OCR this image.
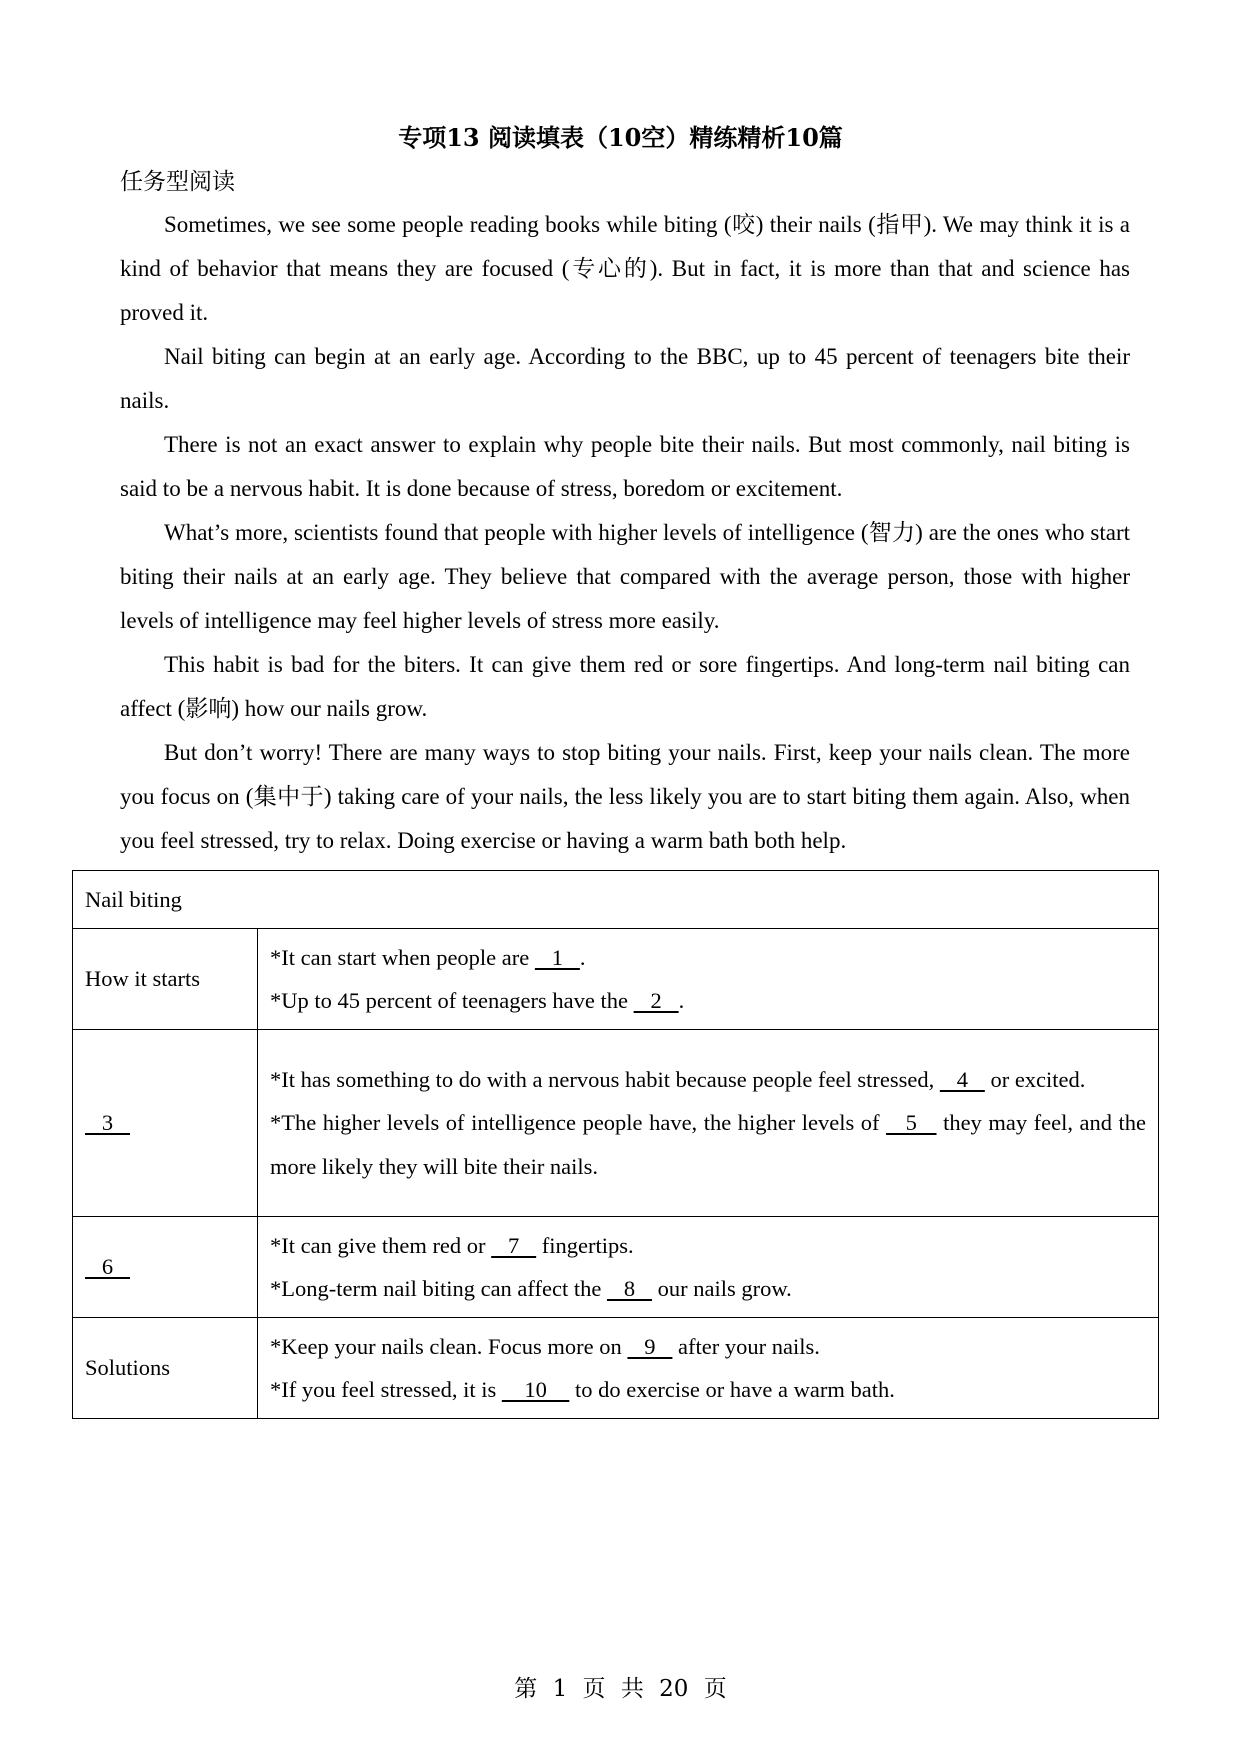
专项13 阅读填表（10空）精练精析10篇
任务型阅读

Sometimes, we see some people reading books while biting (咬) their nails (指甲). We may think it is a kind of behavior that means they are focused (专心的). But in fact, it is more than that and science has proved it.

Nail biting can begin at an early age. According to the BBC, up to 45 percent of teenagers bite their nails.

There is not an exact answer to explain why people bite their nails. But most commonly, nail biting is said to be a nervous habit. It is done because of stress, boredom or excitement.

What’s more, scientists found that people with higher levels of intelligence (智力) are the ones who start biting their nails at an early age. They believe that compared with the average person, those with higher levels of intelligence may feel higher levels of stress more easily.

This habit is bad for the biters. It can give them red or sore fingertips. And long-term nail biting can affect (影响) how our nails grow.

But don’t worry! There are many ways to stop biting your nails. First, keep your nails clean. The more you focus on (集中于) taking care of your nails, the less likely you are to start biting them again. Also, when you feel stressed, try to relax. Doing exercise or having a warm bath both help.

Nail biting	
How it starts	*It can start when people are    1   .
*Up to 45 percent of teenagers have the    2   .

3	*It has something to do with a nervous habit because people feel stressed,    4    or excited.
*The higher levels of intelligence people have, the higher levels of    5    they may feel, and the more likely they will bite their nails.

6	*It can give them red or    7    fingertips.
*Long-term nail biting can affect the    8    our nails grow.

Solutions	*Keep your nails clean. Focus more on    9    after your nails.
*If you feel stressed, it is     10     to do exercise or have a warm bath.
第 1 页 共 20 页
